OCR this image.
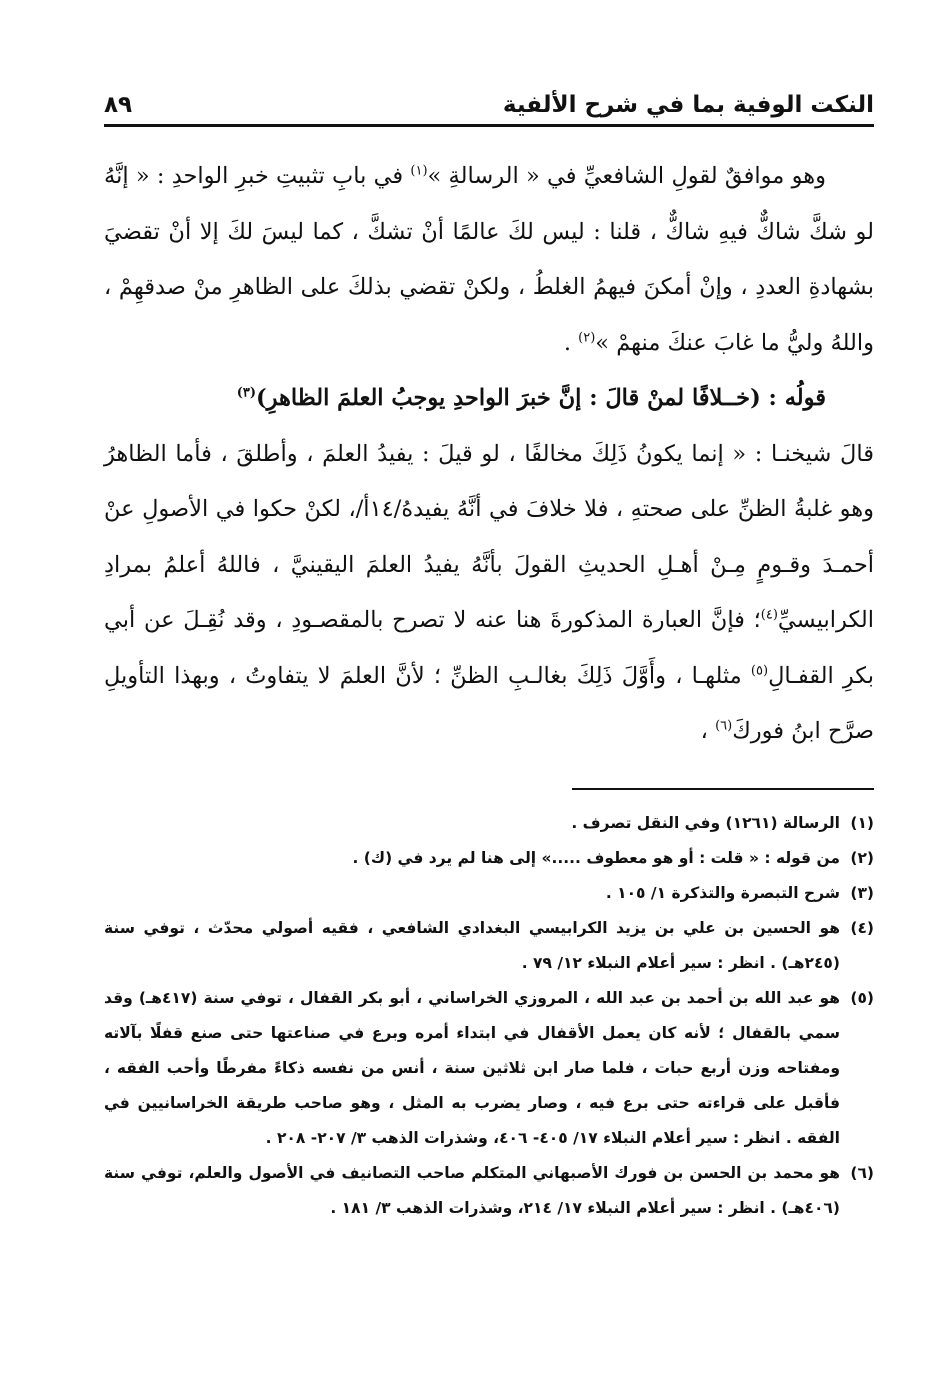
النكت الوفية بما في شرح الألفية
٨٩

وهو موافقٌ لقولِ الشافعيِّ في « الرسالةِ »$^{(١)}$ في بابِ تثبيتِ خبرِ الواحدِ : « إنَّهُ لو شكَّ شاكٌّ فيهِ شاكٌّ ، قلنا : ليس لكَ عالمًا أنْ تشكَّ ، كما ليسَ لكَ إلا أنْ تقضيَ بشهادةِ العددِ ، وإنْ أمكنَ فيهمُ الغلطُ ، ولكنْ تقضي بذلكَ على الظاهرِ منْ صدقهِمْ ، واللهُ وليُّ ما غابَ عنكَ منهمْ »$^{(٢)}$ .

قولُه : (خــلافًا لمنْ قالَ : إنَّ خبرَ الواحدِ يوجبُ العلمَ الظاهرِ)$^{(٣)}$

قالَ شيخنـا : « إنما يكونُ ذَلِكَ مخالفًا ، لو قيلَ : يفيدُ العلمَ ، وأطلقَ ، فأما الظاهرُ وهو غلبةُ الظنِّ على صحتهِ ، فلا خلافَ في أنَّهُ يفيدهُ/١٤أ/، لكنْ حكوا في الأصولِ عنْ أحمـدَ وقـومٍ مِـنْ أهـلِ الحديثِ القولَ بأنَّهُ يفيدُ العلمَ اليقينيَّ ، فاللهُ أعلمُ بمرادِ الكرابيسيِّ$^{(٤)}$؛ فإنَّ العبارة المذكورةَ هنا عنه لا تصرح بالمقصـودِ ، وقد نُقِـلَ عن أبي بكرِ القفـالِ$^{(٥)}$ مثلهـا ، وأَوَّلَ ذَلِكَ بغالـبِ الظنِّ ؛ لأنَّ العلمَ لا يتفاوتُ ، وبهذا التأويلِ صرَّح ابنُ فوركَ$^{(٦)}$ ،

(١)
الرسالة (١٢٦١) وفي النقل تصرف .
(٢)
من قوله : « قلت : أو هو معطوف .....» إلى هنا لم يرد في (ك) .
(٣)
شرح التبصرة والتذكرة ١/ ١٠٥ .
(٤)
هو الحسين بن علي بن يزيد الكرابيسي البغدادي الشافعي ، فقيه أصولي محدّث ، توفي سنة (٢٤٥هـ) . انظر : سير أعلام النبلاء ١٢/ ٧٩ .
(٥)
هو عبد الله بن أحمد بن عبد الله ، المروزي الخراساني ، أبو بكر القفال ، توفي سنة (٤١٧هـ) وقد سمي بالقفال ؛ لأنه كان يعمل الأقفال في ابتداء أمره وبرع في صناعتها حتى صنع قفلًا بآلاته ومفتاحه وزن أربع حبات ، فلما صار ابن ثلاثين سنة ، أنس من نفسه ذكاءً مفرطًا وأحب الفقه ، فأقبل على قراءته حتى برع فيه ، وصار يضرب به المثل ، وهو صاحب طريقة الخراسانيين في الفقه . انظر : سير أعلام النبلاء ١٧/ ٤٠٥- ٤٠٦، وشذرات الذهب ٣/ ٢٠٧- ٢٠٨ .
(٦)
هو محمد بن الحسن بن فورك الأصبهاني المتكلم صاحب التصانيف في الأصول والعلم، توفي سنة (٤٠٦هـ) . انظر : سير أعلام النبلاء ١٧/ ٢١٤، وشذرات الذهب ٣/ ١٨١ .
